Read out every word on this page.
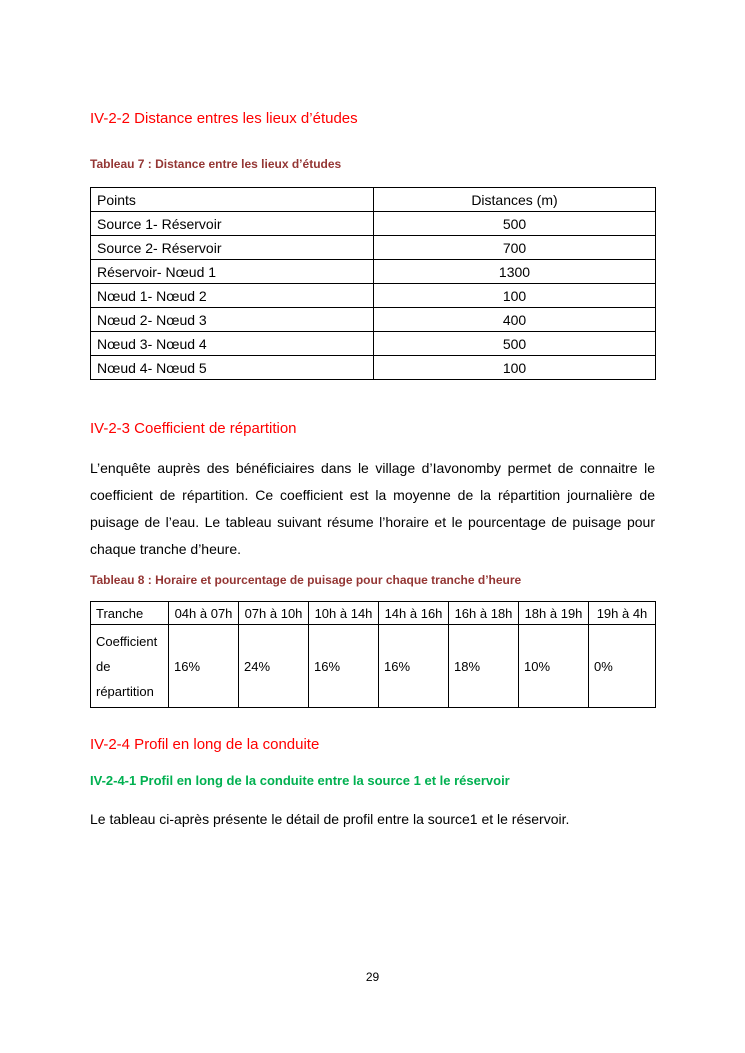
IV-2-2 Distance entres les lieux d’études
Tableau 7 : Distance entre les lieux d’études
Points	Distances (m)
Source 1- Réservoir	500
Source 2- Réservoir	700
Réservoir- Nœud 1	1300
Nœud 1- Nœud 2	100
Nœud 2- Nœud 3	400
Nœud 3- Nœud 4	500
Nœud 4- Nœud 5	100
IV-2-3 Coefficient de répartition
L’enquête auprès des bénéficiaires dans le village d’Iavonomby permet de connaitre le coefficient de répartition. Ce coefficient est la moyenne de la répartition journalière de puisage de l’eau. Le tableau suivant résume l’horaire et le pourcentage de puisage pour chaque tranche d’heure.
Tableau 8 : Horaire et pourcentage de puisage pour chaque tranche d’heure
Tranche	04h à 07h	07h à 10h	10h à 14h	14h à 16h	16h à 18h	18h à 19h	19h à 4h
Coefficient de répartition	16%	24%	16%	16%	18%	10%	0%
IV-2-4 Profil en long de la conduite
IV-2-4-1 Profil en long de la conduite entre la source 1 et le réservoir
Le tableau ci-après présente le détail de profil entre la source1 et le réservoir.
29
